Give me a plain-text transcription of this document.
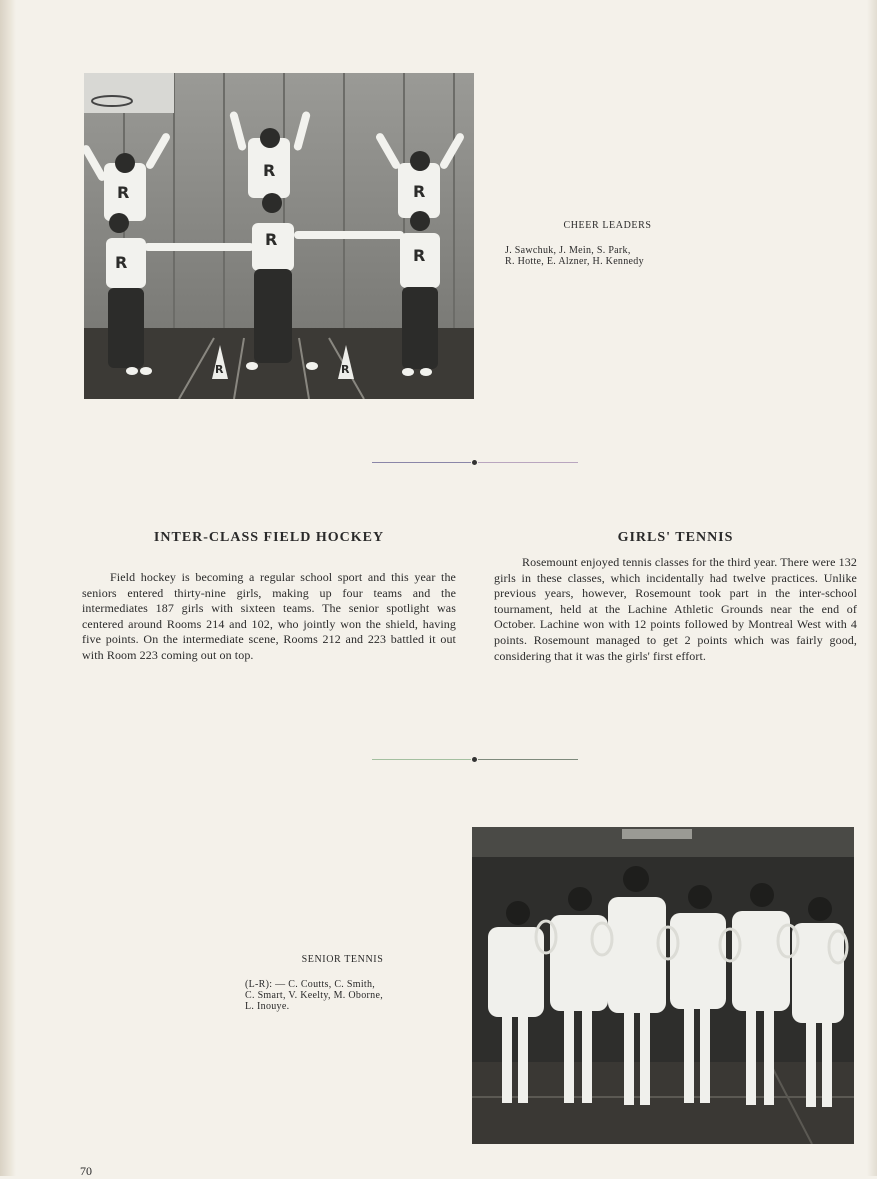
R
R
R
R
R
R
R	R
CHEER LEADERS
J. Sawchuk, J. Mein, S. Park,
R. Hotte, E. Alzner, H. Kennedy
INTER-CLASS FIELD HOCKEY
Field hockey is becoming a regular school sport and this year the seniors entered thirty-nine girls, making up four teams and the intermediates 187 girls with sixteen teams. The senior spotlight was centered around Rooms 214 and 102, who jointly won the shield, having five points. On the intermediate scene, Rooms 212 and 223 battled it out with Room 223 coming out on top.
GIRLS' TENNIS
Rosemount enjoyed tennis classes for the third year. There were 132 girls in these classes, which incidentally had twelve practices. Unlike previous years, however, Rosemount took part in the inter-school tournament, held at the Lachine Athletic Grounds near the end of October. Lachine won with 12 points followed by Montreal West with 4 points. Rosemount managed to get 2 points which was fairly good, considering that it was the girls' first effort.
SENIOR TENNIS
(L-R): — C. Coutts, C. Smith,
C. Smart, V. Keelty, M. Oborne,
L. Inouye.
70
